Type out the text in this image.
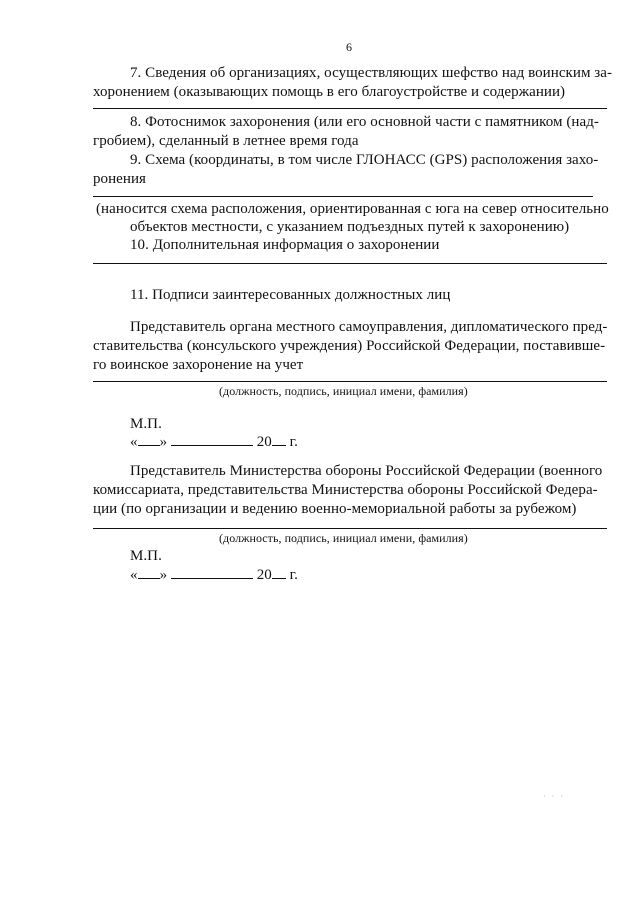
6
7. Сведения об организациях, осуществляющих шефство над воинским за-
хоронением (оказывающих помощь в его благоустройстве и содержании)
8. Фотоснимок захоронения (или его основной части с памятником (над-
гробием), сделанный в летнее время года
9. Схема (координаты, в том числе ГЛОНАСС (GPS) расположения захо-
ронения
(наносится схема расположения, ориентированная с юга на север относительно
объектов местности, с указанием подъездных путей к захоронению)
10. Дополнительная информация о захоронении
11. Подписи заинтересованных должностных лиц
Представитель органа местного самоуправления, дипломатического пред-
ставительства (консульского учреждения) Российской Федерации, поставивше-
го воинское захоронение на учет
(должность, подпись, инициал имени, фамилия)
М.П.
« »	20 г.
Представитель Министерства обороны Российской Федерации (военного
комиссариата, представительства Министерства обороны Российской Федера-
ции (по организации и ведению военно-мемориальной работы за рубежом)
(должность, подпись, инициал имени, фамилия)
М.П.
« »	20 г.
· · ·
